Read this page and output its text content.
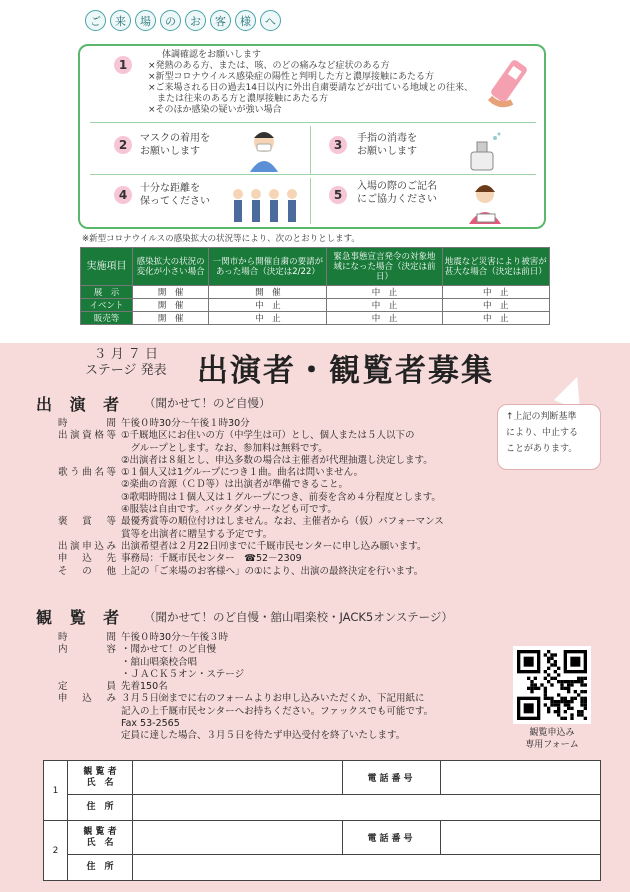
ご	来	場	の	お	客	様	へ
1
体調確認をお願いします
×発熱のある方、または、咳、のどの痛みなど症状のある方
×新型コロナウイルス感染症の陽性と判明した方と濃厚接触にあたる方
×ご来場される日の過去14日以内に外出自粛要請などが出ている地域との往来、
　または往来のある方と濃厚接触にあたる方
×そのほか感染の疑いが強い場合
2	マスクの着用を
お願いします	3	手指の消毒を
お願いします
4	十分な距離を
保ってください	5
入場の際のご記名
にご協力ください
※新型コロナウイルスの感染拡大の状況等により、次のとおりとします。
実施項目	感染拡大の状況の変化が小さい場合	一関市から開催自粛の要請があった場合（決定は2/22）	緊急事態宣言発令の対象地域になった場合（決定は前日）	地震など災害により被害が甚大な場合（決定は前日）
展　示	開　催	開　催	中　止	中　止
イベント	開　催	中　止	中　止	中　止
販売等	開　催	中　止	中　止	中　止
３ 月 ７ 日
ステージ 発表 出演者・観覧者募集
↑上記の判断基準
により、中止する
ことがあります。
出 演 者 （聞かせて！のど自慢）
時　　間 午後０時30分～午後１時30分
出演資格等 ①千厩地区にお住いの方（中学生は可）とし、個人または５人以下の
　グループとします。なお、参加料は無料です。
②出演者は８組とし、申込多数の場合は主催者が代理抽選し決定します。
歌う曲名等 ①１個人又は1グループにつき１曲。曲名は問いません。
②楽曲の音源（ＣＤ等）は出演者が準備できること。
③歌唱時間は１個人又は１グループにつき、前奏を含め４分程度とします。
④服装は自由です。バックダンサーなども可です。
褒　賞　等 最優秀賞等の順位付けはしません。なお、主催者から（仮）パフォーマンス
賞等を出演者に贈呈する予定です。
出演申込み 出演希望者は２月22日㈪までに千厩市民センターに申し込み願います。
申　込　先 事務局：千厩市民センター　☎52－2309
そ　の　他 上記の「ご来場のお客様へ」の①により、出演の最終決定を行います。
観 覧 者 （聞かせて！のど自慢・舘山唱楽校・JACK5オンステージ）
時　　間 午後０時30分～午後３時
内　　容 ・聞かせて！のど自慢
・舘山唱楽校合唱
・ＪＡＣＫ５オン・ステージ
定　　員 先着150名
申　込　み ３月５日㈮までに右のフォームよりお申し込みいただくか、下記用紙に
記入の上千厩市民センターへお持ちください。ファックスでも可能です。
Fax 53-2565
定員に達した場合、３月５日を待たず申込受付を終了いたします。	観覧申込み
専用フォーム
1	観 覧 者
氏　名		電話番号	
	住　所			
2	観 覧 者
氏　名		電話番号	
	住　所			
